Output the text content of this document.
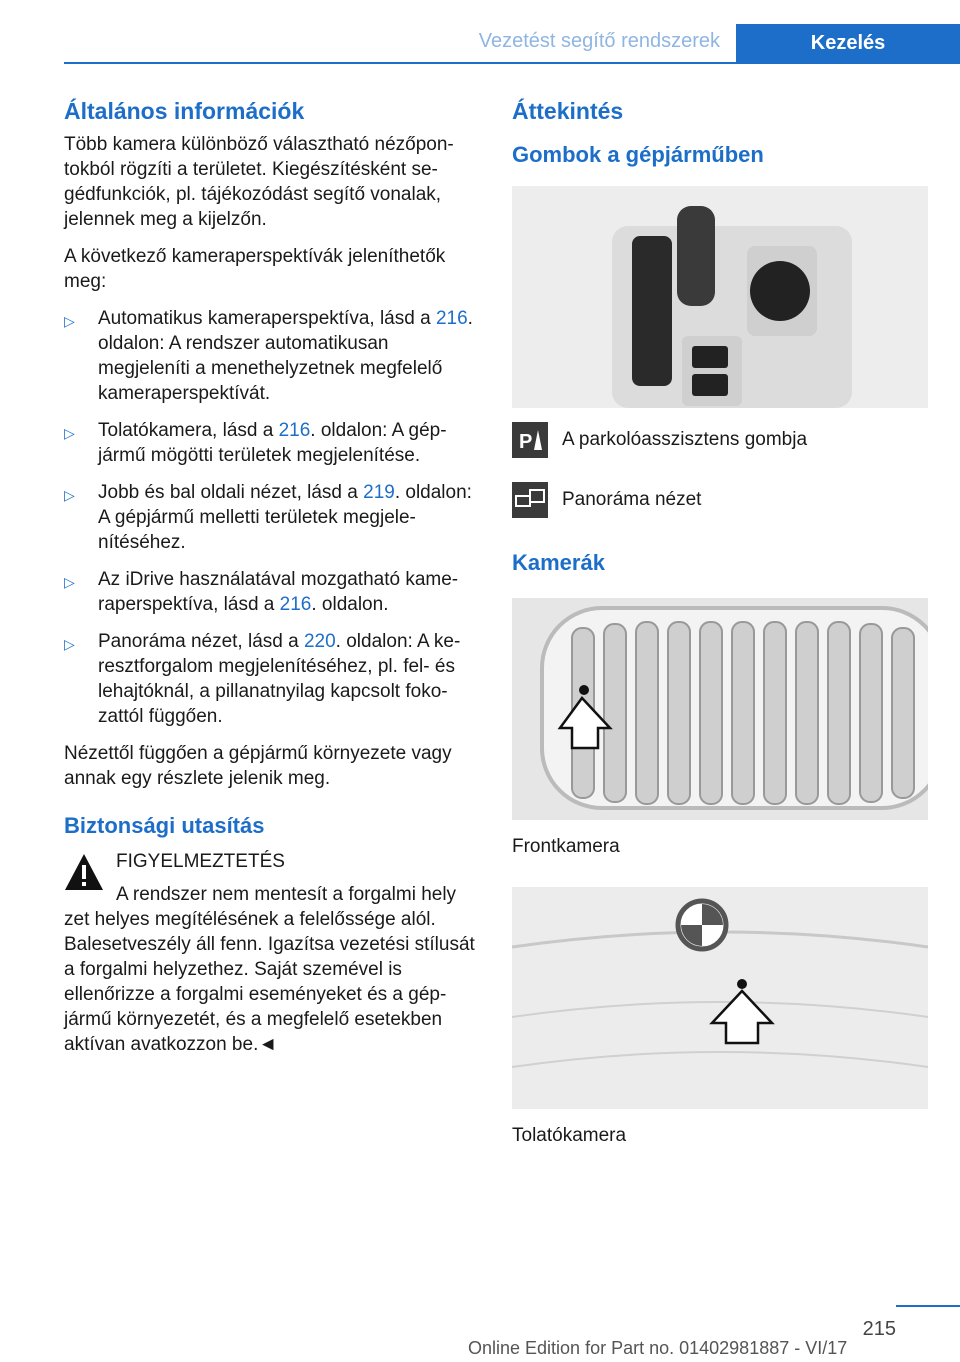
Vezetést segítő rendszerek	Kezelés
Általános információk

Több kamera különböző választható nézőpontokból rögzíti a területet. Kiegészítésként segédfunkciók, pl. tájékozódást segítő vonalak, jelennek meg a kijelzőn.

A következő kameraperspektívák jeleníthetők meg:

▷ Automatikus kameraperspektíva, lásd a 216. oldalon: A rendszer automatikusan megjeleníti a menethelyzetnek megfelelő kameraperspektívát.
▷ Tolatókamera, lásd a 216. oldalon: A gépjármű mögötti területek megjelenítése.
▷ Jobb és bal oldali nézet, lásd a 219. oldalon: A gépjármű melletti területek megjelenítéséhez.
▷ Az iDrive használatával mozgatható kameraperspektíva, lásd a 216. oldalon.
▷ Panoráma nézet, lásd a 220. oldalon: A keresztforgalom megjelenítéséhez, pl. fel- és lehajtóknál, a pillanatnyilag kapcsolt fokozattól függően.

Nézettől függően a gépjármű környezete vagy annak egy részlete jelenik meg.

Biztonsági utasítás
FIGYELMEZTETÉS
A rendszer nem mentesít a forgalmi hely
zet helyes megítélésének a felelőssége alól. Balesetveszély áll fenn. Igazítsa vezetési stílusát a forgalmi helyzethez. Saját szemével is ellenőrizze a forgalmi eseményeket és a gépjármű környezetét, és a megfelelő esetekben aktívan avatkozzon be.◄
Áttekintés
Gombok a gépjárműben
P A parkolóasszisztens gombja
Panoráma nézet
Kamerák
Frontkamera
Tolatókamera
215
Online Edition for Part no. 01402981887 - VI/17
